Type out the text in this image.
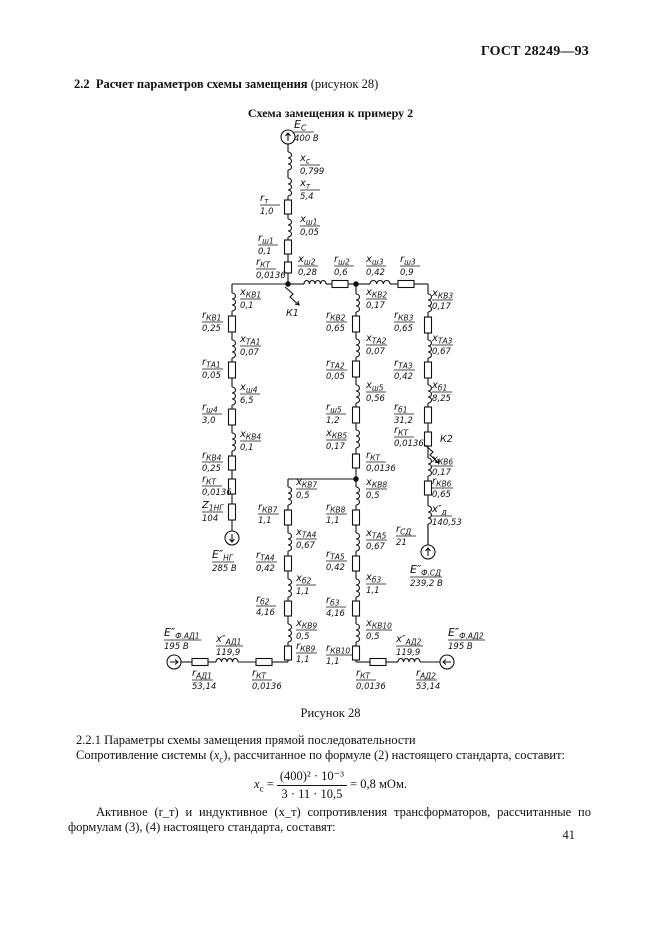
ГОСТ 28249—93
2.2 Расчет параметров схемы замещения (рисунок 28)
Схема замещения к примеру 2
$E_С$
400 В
$x_с$
0,799
$x_т$
5,4
$r_т$
1,0
$x_{ш1}$
0,05
$r_{ш1}$
0,1
$r_{КТ}$
0,0136
$x_{ш2}$
0,28
$r_{ш2}$
0,6
$x_{ш3}$
0,42
$r_{ш3}$
0,9
К1
$x_{КВ1}$
0,1
$r_{КВ1}$
0,25
$x_{ТА1}$
0,07
$r_{ТА1}$
0,05
$x_{ш4}$
6,5
$r_{ш4}$
3,0
$x_{КВ4}$
0,1
$r_{КВ4}$
0,25
$r_{КТ}$
0,0136
$Z_{1НГ}$
104
$E''_{НГ}$
285 В
$x_{КВ2}$
0,17
$r_{КВ2}$
0,65
$x_{ТА2}$
0,07
$r_{ТА2}$
0,05
$x_{ш5}$
0,56
$r_{ш5}$
1,2
$x_{КВ5}$
0,17
$r_{КТ}$
0,0136
К2
$x_{КВ3}$
0,17
$r_{КВ3}$
0,65
$x_{ТА3}$
0,67
$r_{ТА3}$
0,42
$x_{б1}$
8,25
$r_{б1}$
31,2
$r_{КТ}$
0,0136
$x_{КВ6}$
0,17
$r_{КВ6}$
0,65
$x''_д$
140,53
$r_{СД}$
21
$E''_{Ф.СД}$
239,2 В
$x_{КВ7}$
0,5
$r_{КВ7}$
1,1
$x_{ТА4}$
0,67
$r_{ТА4}$
0,42
$x_{б2}$
1,1
$r_{б2}$
4,16
$x_{КВ9}$
0,5
$r_{КВ9}$
1,1
$x_{КВ8}$
0,5
$r_{КВ8}$
1,1
$x_{ТА5}$
0,67
$r_{ТА5}$
0,42
$x_{б3}$
1,1
$r_{б3}$
4,16
$x_{КВ10}$
0,5
$r_{КВ10}$
1,1
$E''_{Ф.АД1}$
195 В
$x''_{АД1}$
119,9
$r_{АД1}$
53,14
$r_{КТ}$
0,0136
$r_{КТ}$
0,0136
$x''_{АД2}$
119,9
$E''_{Ф.АД2}$
195 В
$r_{АД2}$
53,14
Рисунок 28
2.2.1 Параметры схемы замещения прямой последовательности
Сопротивление системы $(x_с)$, рассчитанное по формуле (2) настоящего стандарта, составит:
$x_с = \frac{\text{(400)² · 10⁻³}}{3 \cdot 11 \cdot 10,5} = 0,8$ мОм.
Активное (r_т) и индуктивное (x_т) сопротивления трансформаторов, рассчитанные по формулам (3), (4) настоящего стандарта, составят:
41
